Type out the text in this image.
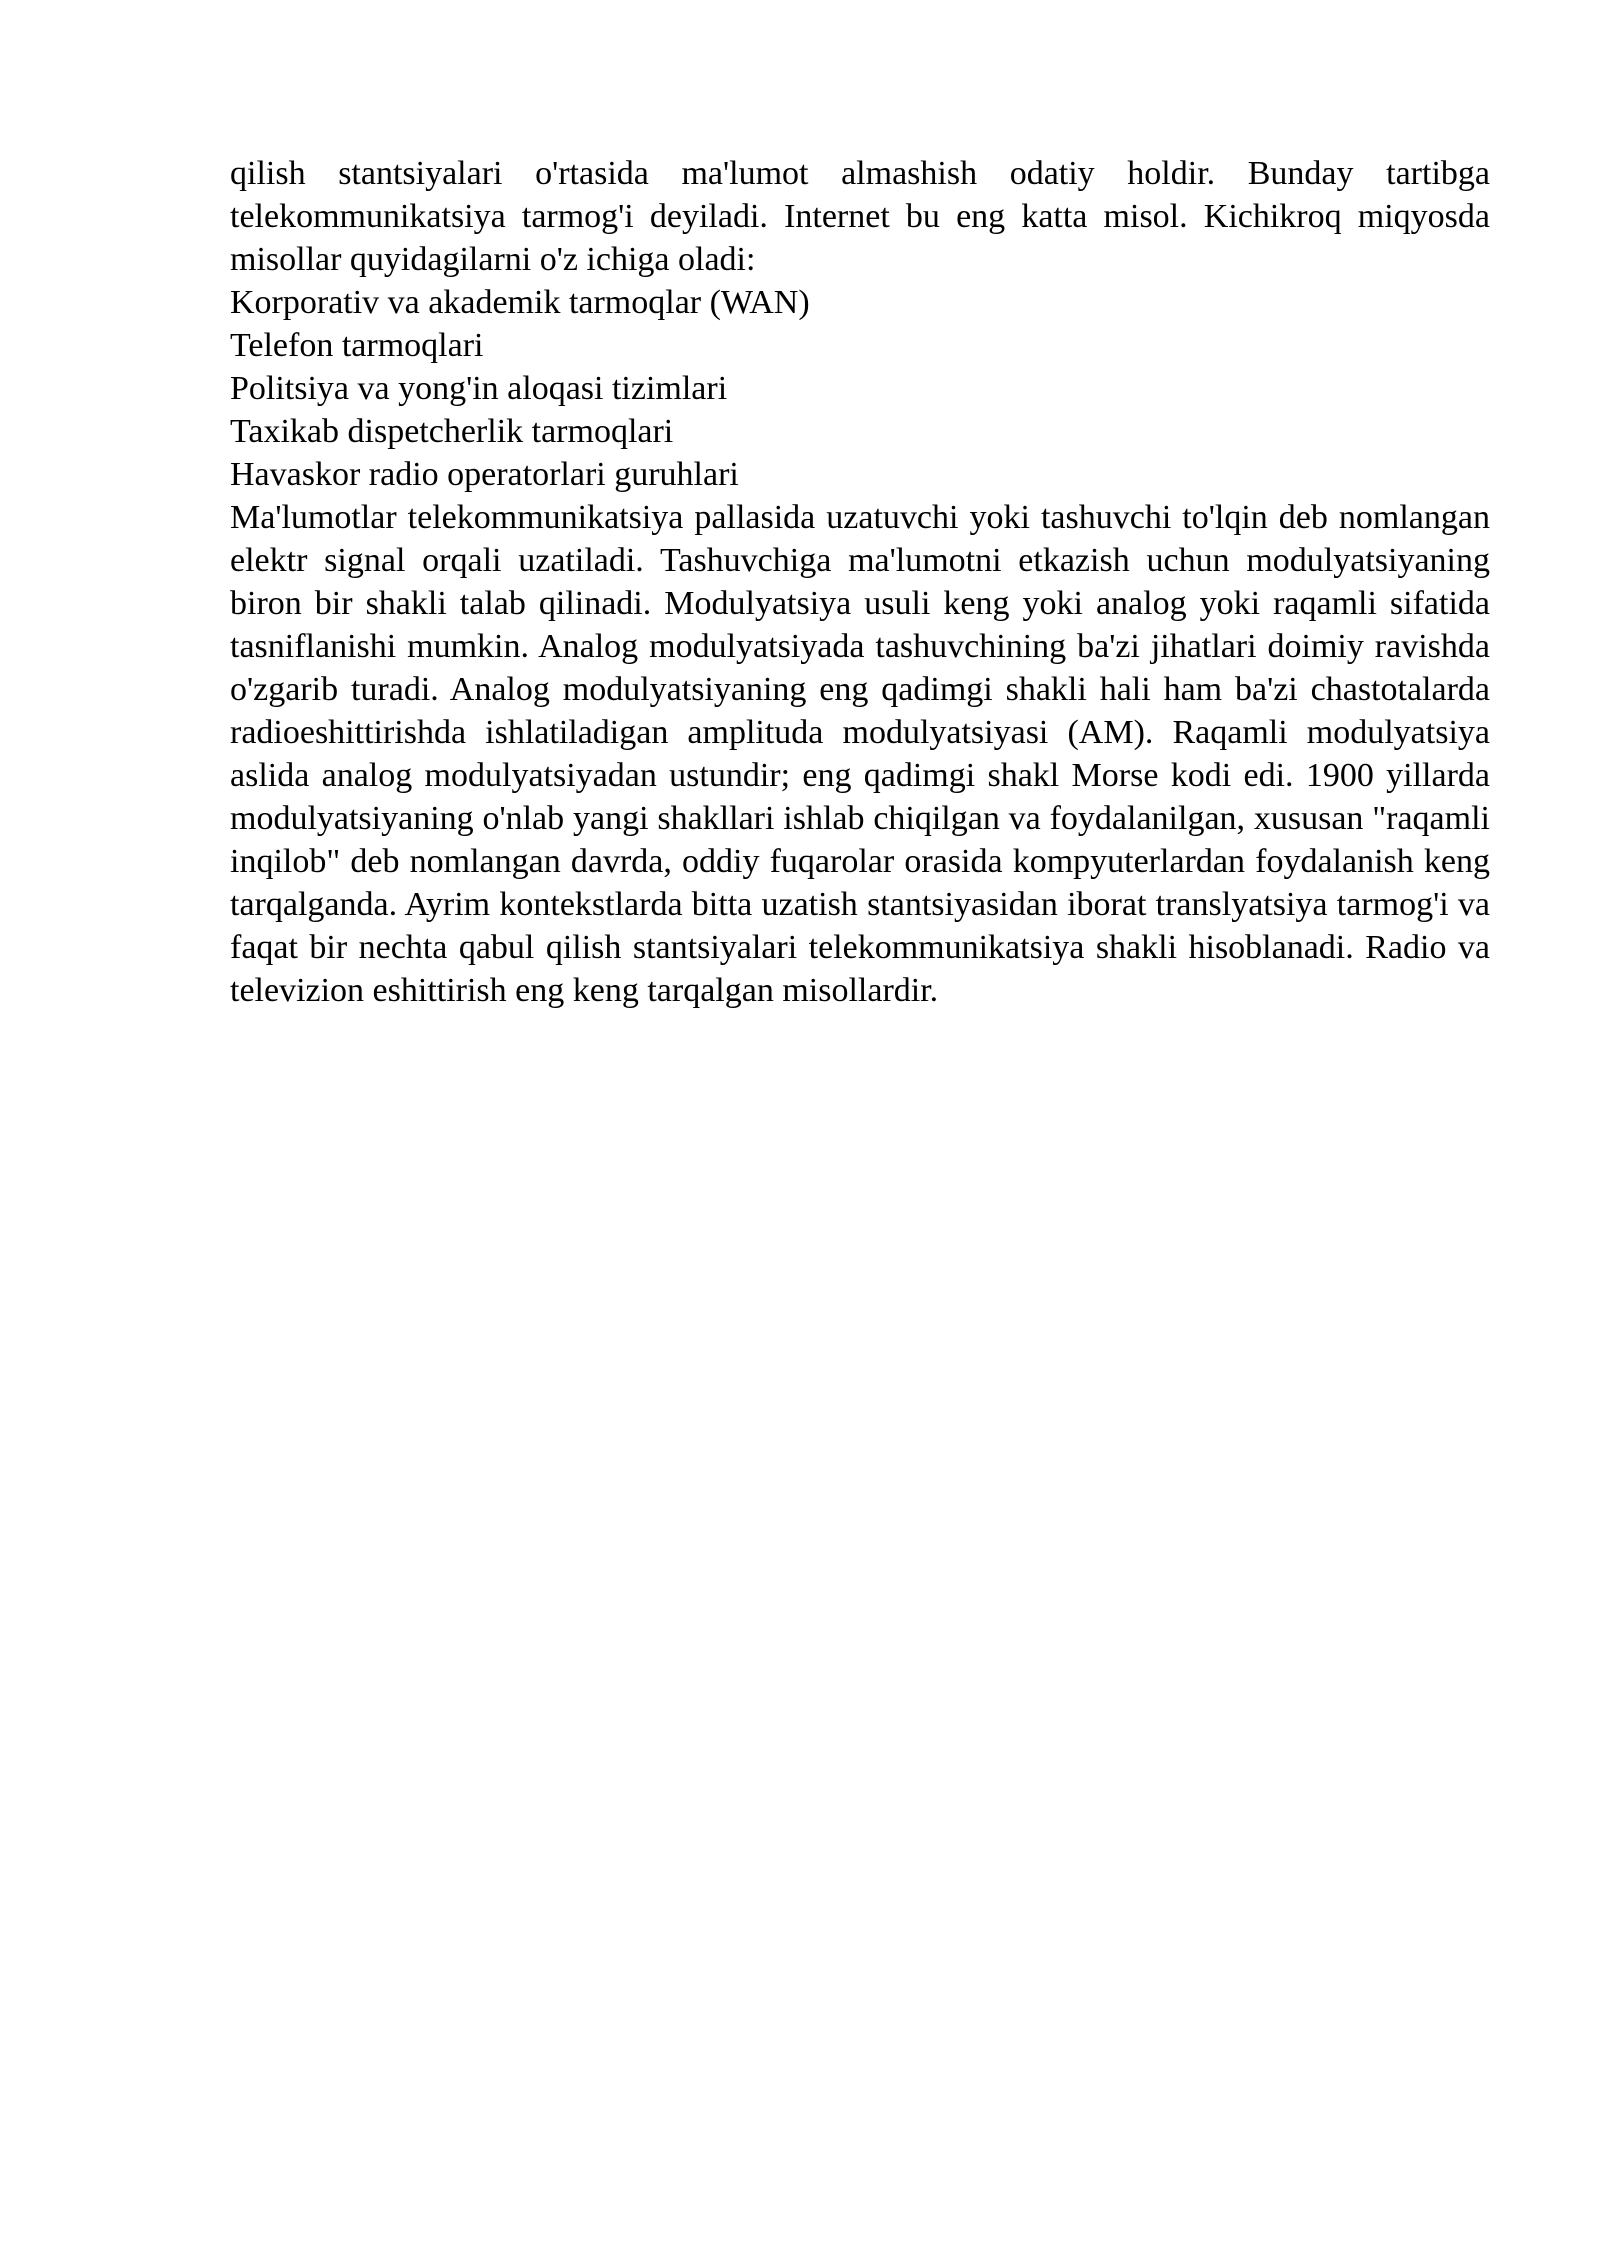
qilish stantsiyalari o'rtasida ma'lumot almashish odatiy holdir. Bunday tartibga telekommunikatsiya tarmog'i deyiladi. Internet bu eng katta misol. Kichikroq miqyosda misollar quyidagilarni o'z ichiga oladi:

Korporativ va akademik tarmoqlar (WAN)

Telefon tarmoqlari

Politsiya va yong'in aloqasi tizimlari

Taxikab dispetcherlik tarmoqlari

Havaskor radio operatorlari guruhlari

Ma'lumotlar telekommunikatsiya pallasida uzatuvchi yoki tashuvchi to'lqin deb nomlangan elektr signal orqali uzatiladi. Tashuvchiga ma'lumotni etkazish uchun modulyatsiyaning biron bir shakli talab qilinadi. Modulyatsiya usuli keng yoki analog yoki raqamli sifatida tasniflanishi mumkin. Analog modulyatsiyada tashuvchining ba'zi jihatlari doimiy ravishda o'zgarib turadi. Analog modulyatsiyaning eng qadimgi shakli hali ham ba'zi chastotalarda radioeshittirishda ishlatiladigan amplituda modulyatsiyasi (AM). Raqamli modulyatsiya aslida analog modulyatsiyadan ustundir; eng qadimgi shakl Morse kodi edi. 1900 yillarda modulyatsiyaning o'nlab yangi shakllari ishlab chiqilgan va foydalanilgan, xususan "raqamli inqilob" deb nomlangan davrda, oddiy fuqarolar orasida kompyuterlardan foydalanish keng tarqalganda. Ayrim kontekstlarda bitta uzatish stantsiyasidan iborat translyatsiya tarmog'i va faqat bir nechta qabul qilish stantsiyalari telekommunikatsiya shakli hisoblanadi. Radio va televizion eshittirish eng keng tarqalgan misollardir.
